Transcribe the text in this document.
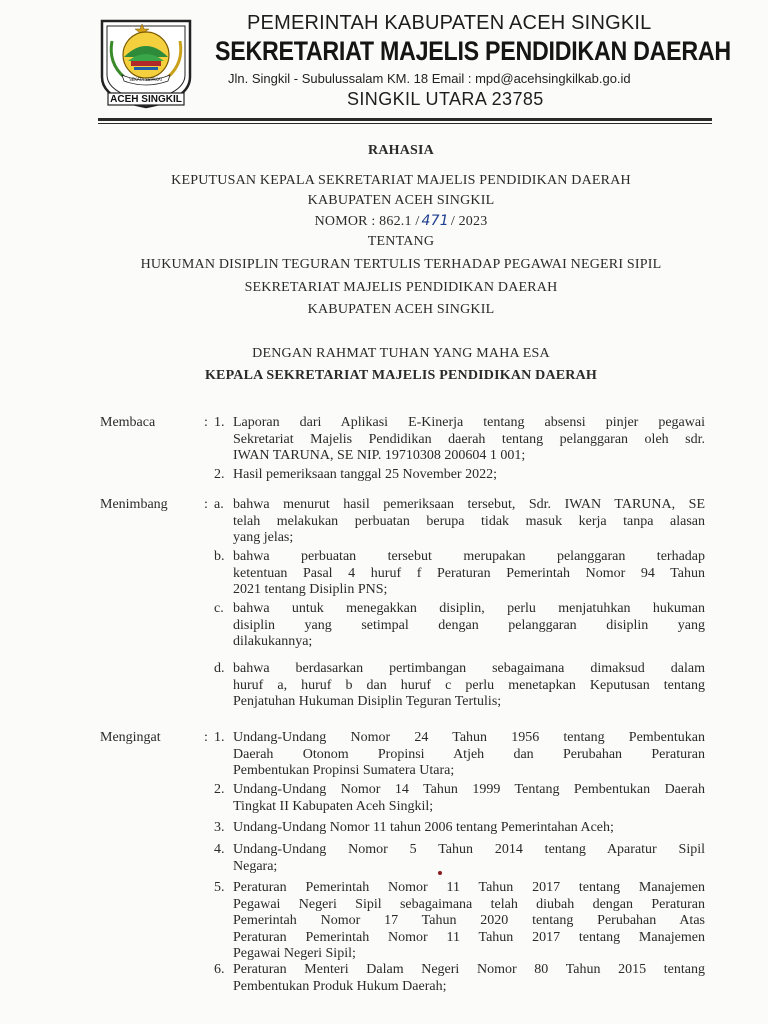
SEKATA SEPAKAT
ACEH SINGKIL
PEMERINTAH KABUPATEN ACEH SINGKIL
SEKRETARIAT MAJELIS PENDIDIKAN DAERAH
Jln. Singkil - Subulussalam KM. 18 Email : mpd@acehsingkilkab.go.id
SINGKIL UTARA 23785
RAHASIA
KEPUTUSAN KEPALA SEKRETARIAT MAJELIS PENDIDIKAN DAERAH
KABUPATEN ACEH SINGKIL
NOMOR : 862.1 / 471 / 2023
TENTANG
HUKUMAN DISIPLIN TEGURAN TERTULIS TERHADAP PEGAWAI NEGERI SIPIL
SEKRETARIAT MAJELIS PENDIDIKAN DAERAH
KABUPATEN ACEH SINGKIL
DENGAN RAHMAT TUHAN YANG MAHA ESA
KEPALA SEKRETARIAT MAJELIS PENDIDIKAN DAERAH
Membaca	: 1. Laporan dari Aplikasi E-Kinerja tentang absensi pinjer pegawai
Sekretariat Majelis Pendidikan daerah tentang pelanggaran oleh sdr.
IWAN TARUNA, SE NIP. 19710308 200604 1 001;
2. Hasil pemeriksaan tanggal 25 November 2022;
Menimbang	: a. bahwa menurut hasil pemeriksaan tersebut, Sdr. IWAN TARUNA, SE
telah melakukan perbuatan berupa tidak masuk kerja tanpa alasan
yang jelas;
b. bahwa perbuatan tersebut merupakan pelanggaran terhadap
ketentuan Pasal 4 huruf f Peraturan Pemerintah Nomor 94 Tahun
2021 tentang Disiplin PNS;
c. bahwa untuk menegakkan disiplin, perlu menjatuhkan hukuman
disiplin yang setimpal dengan pelanggaran disiplin yang
dilakukannya;
d. bahwa berdasarkan pertimbangan sebagaimana dimaksud dalam
huruf a, huruf b dan huruf c perlu menetapkan Keputusan tentang
Penjatuhan Hukuman Disiplin Teguran Tertulis;
Mengingat	: 1. Undang-Undang Nomor 24 Tahun 1956 tentang Pembentukan
Daerah Otonom Propinsi Atjeh dan Perubahan Peraturan
Pembentukan Propinsi Sumatera Utara;
2. Undang-Undang Nomor 14 Tahun 1999 Tentang Pembentukan Daerah
Tingkat II Kabupaten Aceh Singkil;
3. Undang-Undang Nomor 11 tahun 2006 tentang Pemerintahan Aceh;
4. Undang-Undang Nomor 5 Tahun 2014 tentang Aparatur Sipil
Negara;
5. Peraturan Pemerintah Nomor 11 Tahun 2017 tentang Manajemen
Pegawai Negeri Sipil sebagaimana telah diubah dengan Peraturan
Pemerintah Nomor 17 Tahun 2020 tentang Perubahan Atas
Peraturan Pemerintah Nomor 11 Tahun 2017 tentang Manajemen
Pegawai Negeri Sipil;
6. Peraturan Menteri Dalam Negeri Nomor 80 Tahun 2015 tentang
Pembentukan Produk Hukum Daerah;
